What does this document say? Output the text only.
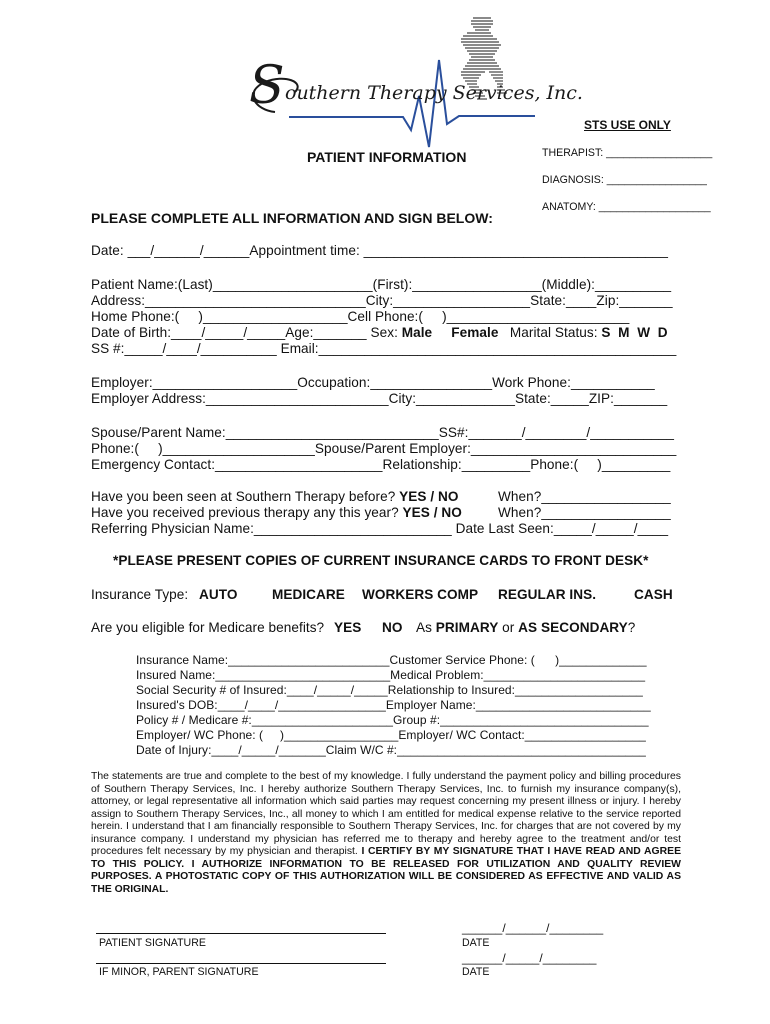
S outhern Therapy Services, Inc.
STS USE ONLY
THERAPIST: __________________
DIAGNOSIS: _________________
ANATOMY: ___________________
PATIENT INFORMATION
PLEASE COMPLETE ALL INFORMATION AND SIGN BELOW:
Date: ___/______/______Appointment time: ________________________________________
Patient Name:(Last)_____________________(First):_________________(Middle):__________
Address:_____________________________City:__________________State:____Zip:_______
Home Phone:(     )___________________Cell Phone:(     )________________________
Date of Birth:____/_____/_____Age:_______ Sex: Male Female Marital Status: S  M  W  D
SS #:_____/____/__________ Email:_______________________________________________
Employer:___________________Occupation:________________Work Phone:___________
Employer Address:________________________City:_____________State:_____ZIP:_______
Spouse/Parent Name:____________________________SS#:_______/________/___________
Phone:(     )____________________Spouse/Parent Employer:___________________________
Emergency Contact:______________________Relationship:_________Phone:(     )_________
Have you been seen at Southern Therapy before? YES / NO	When?_________________
Have you received previous therapy any this year? YES / NO	When?_________________
Referring Physician Name:__________________________ Date Last Seen:_____/_____/____
*PLEASE PRESENT COPIES OF CURRENT INSURANCE CARDS TO FRONT DESK*
Insurance Type: AUTO	MEDICARE WORKERS COMP REGULAR INS.	CASH
Are you eligible for Medicare benefits? YES NO As PRIMARY or AS SECONDARY?
Insurance Name:________________________Customer Service Phone: (      )_____________
Insured Name:__________________________Medical Problem:________________________
Social Security # of Insured:____/_____/_____Relationship to Insured:___________________
Insured's DOB:____/____/________________Employer Name:__________________________
Policy # / Medicare #:_____________________Group #:_______________________________
Employer/ WC Phone: (     )_________________Employer/ WC Contact:__________________
Date of Injury:____/_____/_______Claim W/C #:_____________________________________
The statements are true and complete to the best of my knowledge. I fully understand the payment policy and billing procedures of Southern Therapy Services, Inc. I hereby authorize Southern Therapy Services, Inc. to furnish my insurance company(s), attorney, or legal representative all information which said parties may request concerning my present illness or injury. I hereby assign to Southern Therapy Services, Inc., all money to which I am entitled for medical expense relative to the service reported herein. I understand that I am financially responsible to Southern Therapy Services, Inc. for charges that are not covered by my insurance company. I understand my physician has referred me to therapy and hereby agree to the treatment and/or test procedures felt necessary by my physician and therapist. I CERTIFY BY MY SIGNATURE THAT I HAVE READ AND AGREE TO THIS POLICY. I AUTHORIZE INFORMATION TO BE RELEASED FOR UTILIZATION AND QUALITY REVIEW PURPOSES. A PHOTOSTATIC COPY OF THIS AUTHORIZATION WILL BE CONSIDERED AS EFFECTIVE AND VALID AS THE ORIGINAL.
______/______/________
PATIENT SIGNATURE	DATE
______/_____/________
IF MINOR, PARENT SIGNATURE	DATE
